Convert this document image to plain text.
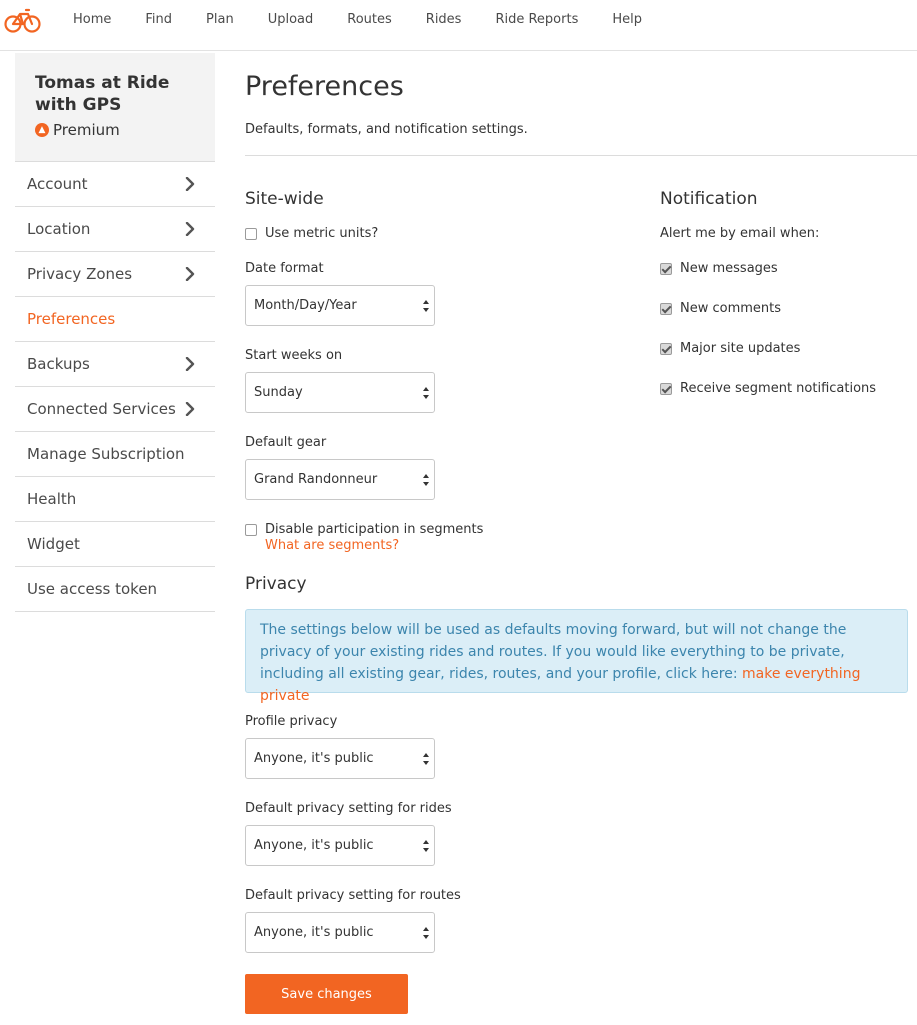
Home	Find	Plan	Upload	Routes	Rides	Ride Reports	Help
Tomas at Ride with GPS
▲ Premium
Account
Location
Privacy Zones
Preferences
Backups
Connected Services
Manage Subscription
Health
Widget
Use access token
Preferences
Defaults, formats, and notification settings.
Site-wide
Use metric units?
Date format
Month/Day/Year
Start weeks on
Sunday
Default gear
Grand Randonneur
Disable participation in segments
What are segments?
Notification
Alert me by email when:
New messages
New comments
Major site updates
Receive segment notifications
Privacy
The settings below will be used as defaults moving forward, but will not change the privacy of your existing rides and routes. If you would like everything to be private, including all existing gear, rides, routes, and your profile, click here: make everything private
Profile privacy
Anyone, it's public
Default privacy setting for rides
Anyone, it's public
Default privacy setting for routes
Anyone, it's public
Save changes
